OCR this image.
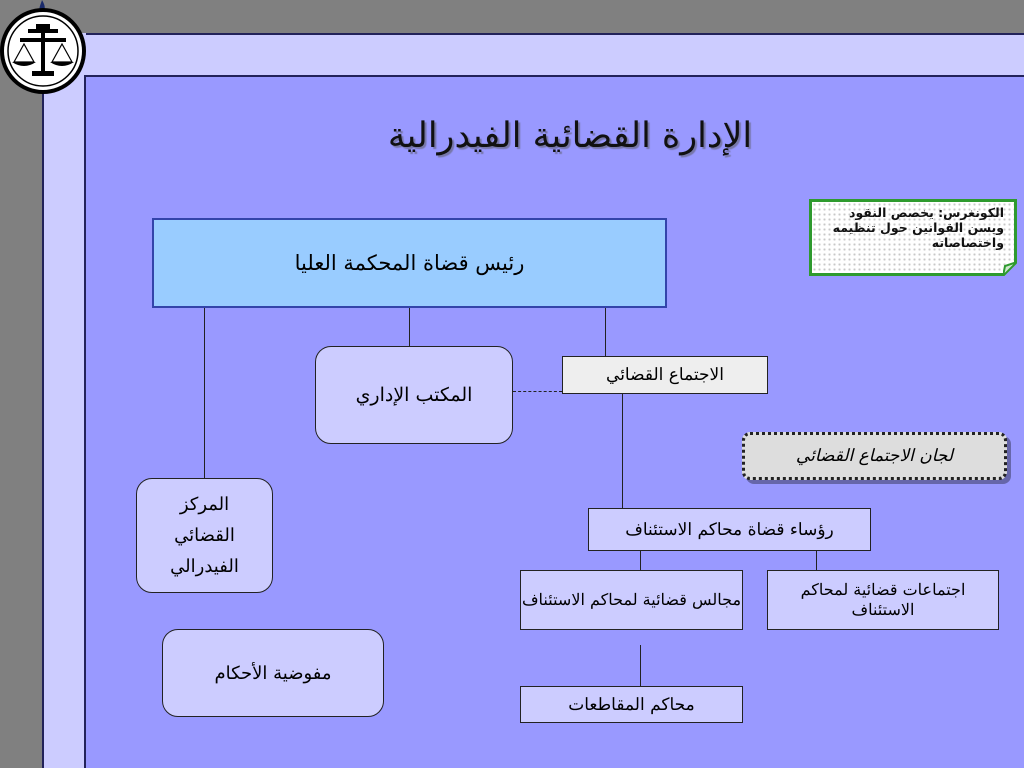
الإدارة القضائية الفيدرالية
رئيس قضاة المحكمة العليا
الاجتماع القضائي
المكتب الإداري
المركز
القضائي
الفيدرالي
مفوضية الأحكام
لجان الاجتماع القضائي
رؤساء قضاة محاكم الاستئناف
مجالس قضائية لمحاكم الاستئناف
اجتماعات قضائية لمحاكم الاستئناف
محاكم المقاطعات
الكونغرس: يخصص النقود ويسن القوانين حول تنظيمه واختصاصاته
